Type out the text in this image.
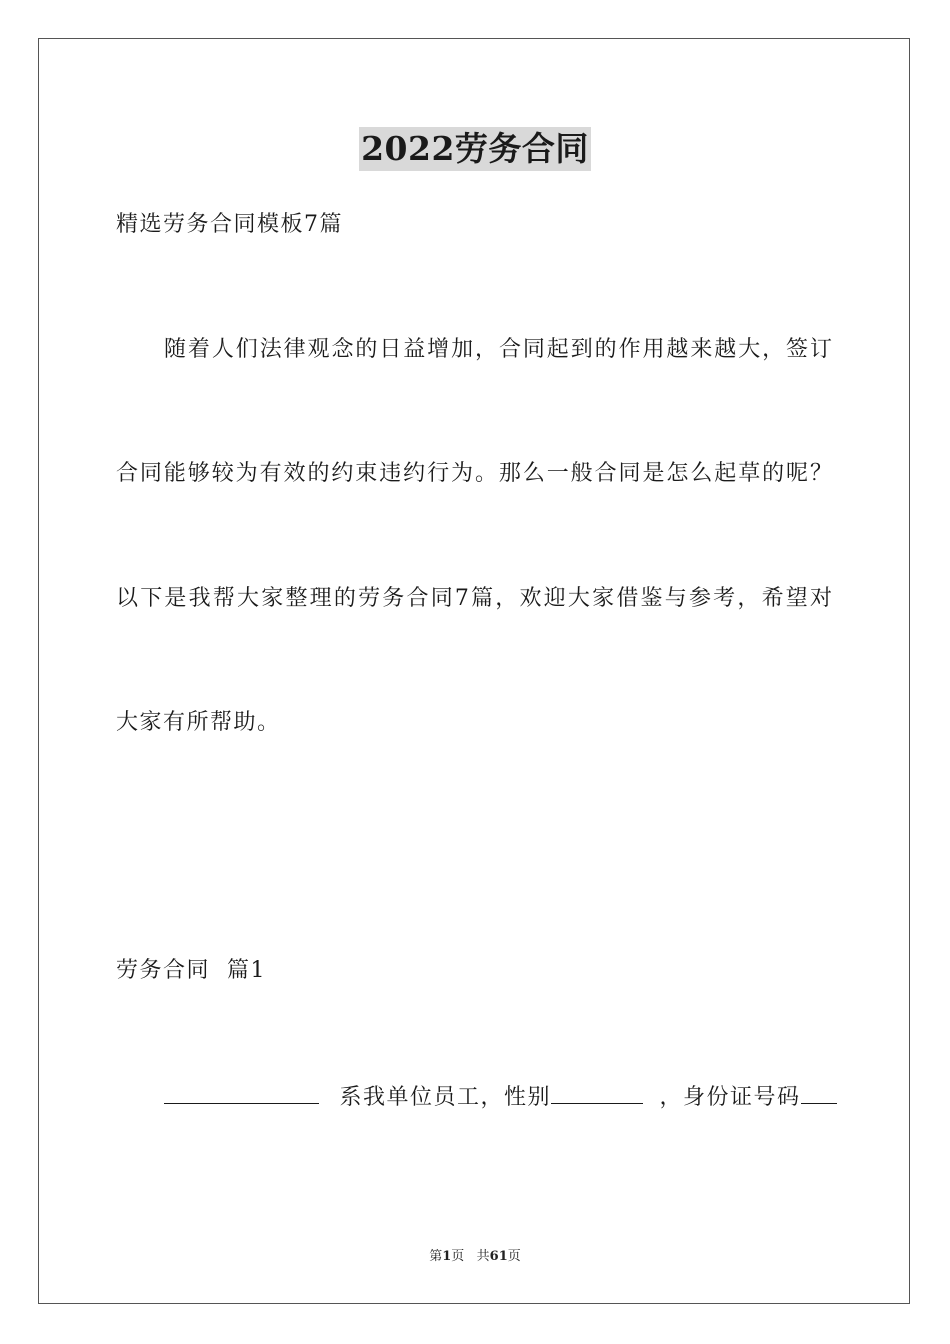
2022劳务合同
精选劳务合同模板7篇
随着人们法律观念的日益增加，合同起到的作用越来越大，签订
合同能够较为有效的约束违约行为。那么一般合同是怎么起草的呢？
以下是我帮大家整理的劳务合同7篇，欢迎大家借鉴与参考，希望对
大家有所帮助。
劳务合同  篇1
系我单位员工，性别	，身份证号码
第1页   共61页
